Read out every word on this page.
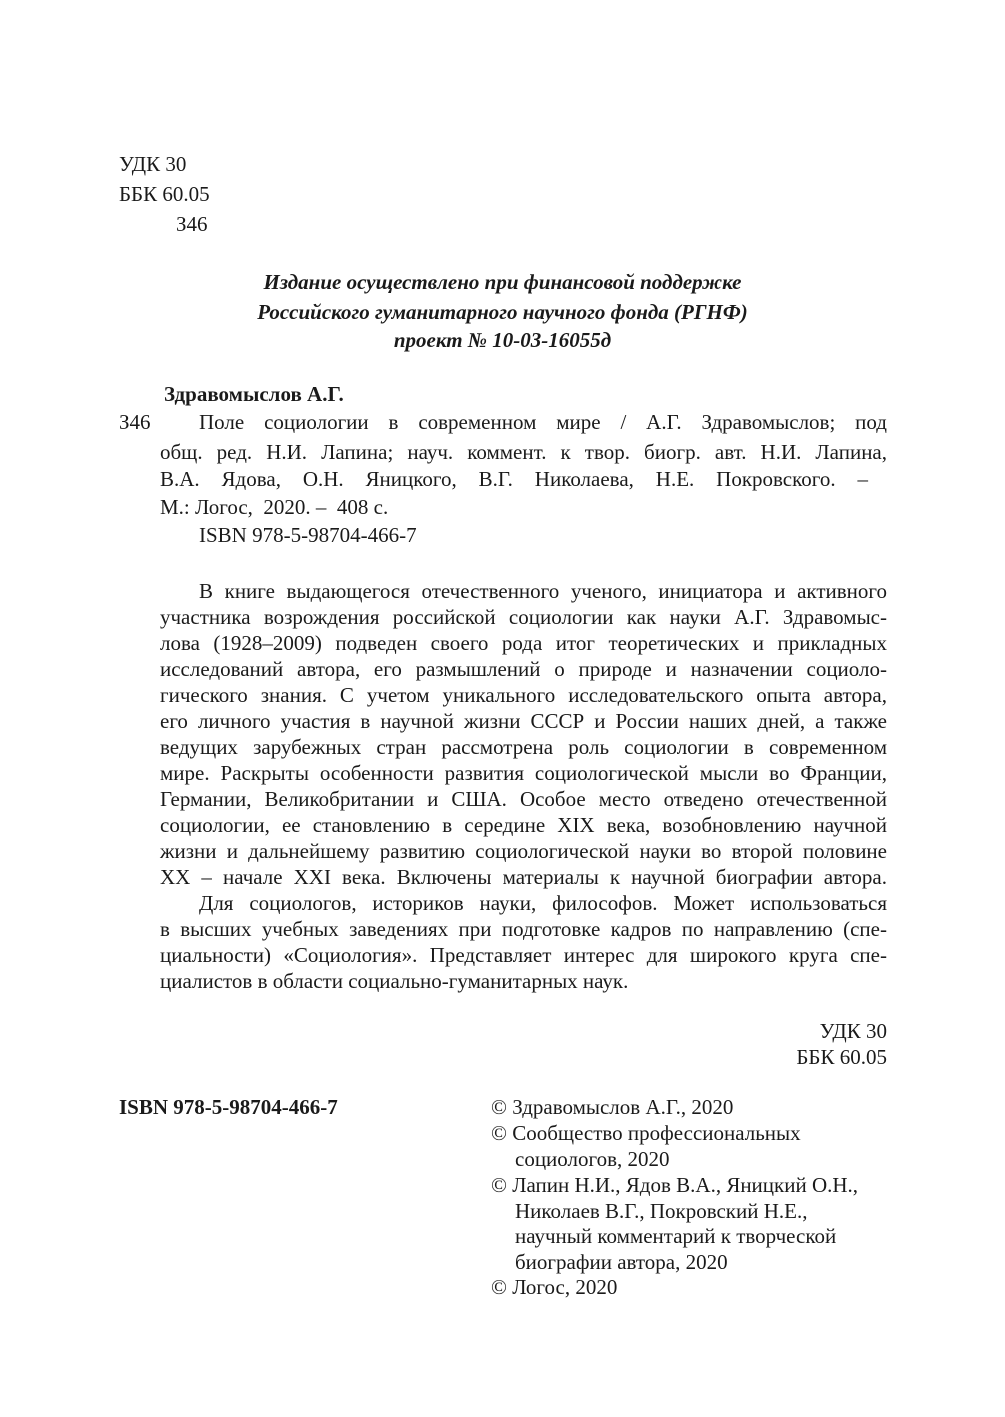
УДК 30
ББК 60.05
З46
Издание осуществлено при финансовой поддержке
Российского гуманитарного научного фонда (РГНФ)
проект № 10-03-16055д
Здравомыслов А.Г.
З46 Поле социологии в современном мире / А.Г. Здравомыслов; под
общ. ред. Н.И. Лапина; науч. коммент. к твор. биогр. авт. Н.И. Лапина,
В.А. Ядова, О.Н. Яницкого, В.Г. Николаева, Н.Е. Покровского. –
М.: Логос,  2020. –  408 с.
ISBN 978-5-98704-466-7
В книге выдающегося отечественного ученого, инициатора и активного
участника возрождения российской социологии как науки А.Г. Здравомыс-
лова (1928–2009) подведен своего рода итог теоретических и прикладных
исследований автора, его размышлений о природе и назначении социоло-
гического знания. С учетом уникального исследовательского опыта автора,
его личного участия в научной жизни СССР и России наших дней, а также
ведущих зарубежных стран рассмотрена роль социологии в современном
мире. Раскрыты особенности развития социологической мысли во Франции,
Германии, Великобритании и США. Особое место отведено отечественной
социологии, ее становлению в середине XIX века, возобновлению научной
жизни и дальнейшему развитию социологической науки во второй половине
XX – начале XXI века. Включены материалы к научной биографии автора.
Для социологов, историков науки, философов. Может использоваться
в высших учебных заведениях при подготовке кадров по направлению (спе-
циальности) «Социология». Представляет интерес для широкого круга спе-
циалистов в области социально-гуманитарных наук.
УДК 30
ББК 60.05
ISBN 978-5-98704-466-7	© Здравомыслов А.Г., 2020
© Сообщество профессиональных
социологов, 2020
© Лапин Н.И., Ядов В.А., Яницкий О.Н.,
Николаев В.Г., Покровский Н.Е.,
научный комментарий к творческой
биографии автора, 2020
© Логос, 2020
